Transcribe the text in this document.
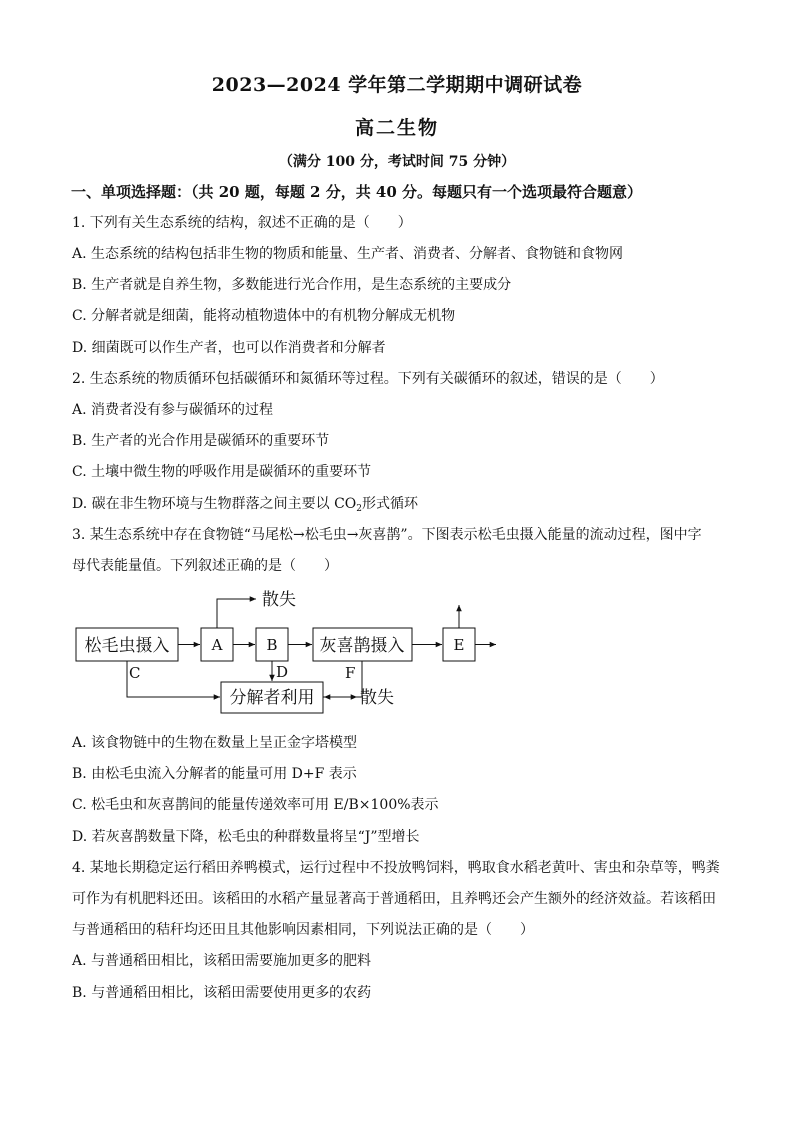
2023—2024 学年第二学期期中调研试卷
高二生物
（满分 100 分，考试时间 75 分钟）
一、单项选择题：（共 20 题，每题 2 分，共 40 分。每题只有一个选项最符合题意）
1. 下列有关生态系统的结构，叙述不正确的是（　　）
A. 生态系统的结构包括非生物的物质和能量、生产者、消费者、分解者、食物链和食物网
B. 生产者就是自养生物，多数能进行光合作用，是生态系统的主要成分
C. 分解者就是细菌，能将动植物遗体中的有机物分解成无机物
D. 细菌既可以作生产者，也可以作消费者和分解者
2. 生态系统的物质循环包括碳循环和氮循环等过程。下列有关碳循环的叙述，错误的是（　　）
A. 消费者没有参与碳循环的过程
B. 生产者的光合作用是碳循环的重要环节
C. 土壤中微生物的呼吸作用是碳循环的重要环节
D. 碳在非生物环境与生物群落之间主要以 $CO_2$形式循环
3. 某生态系统中存在食物链“马尾松→松毛虫→灰喜鹊”。下图表示松毛虫摄入能量的流动过程，图中字
母代表能量值。下列叙述正确的是（　　）
松毛虫摄入	A	B 灰喜鹊摄入	E
分解者利用
散失
散失
C	D	F
A. 该食物链中的生物在数量上呈正金字塔模型
B. 由松毛虫流入分解者的能量可用 D+F 表示
C. 松毛虫和灰喜鹊间的能量传递效率可用 E/B×100%表示
D. 若灰喜鹊数量下降，松毛虫的种群数量将呈“J”型增长
4. 某地长期稳定运行稻田养鸭模式，运行过程中不投放鸭饲料，鸭取食水稻老黄叶、害虫和杂草等，鸭粪
可作为有机肥料还田。该稻田的水稻产量显著高于普通稻田，且养鸭还会产生额外的经济效益。若该稻田
与普通稻田的秸秆均还田且其他影响因素相同，下列说法正确的是（　　）
A. 与普通稻田相比，该稻田需要施加更多的肥料
B. 与普通稻田相比，该稻田需要使用更多的农药
